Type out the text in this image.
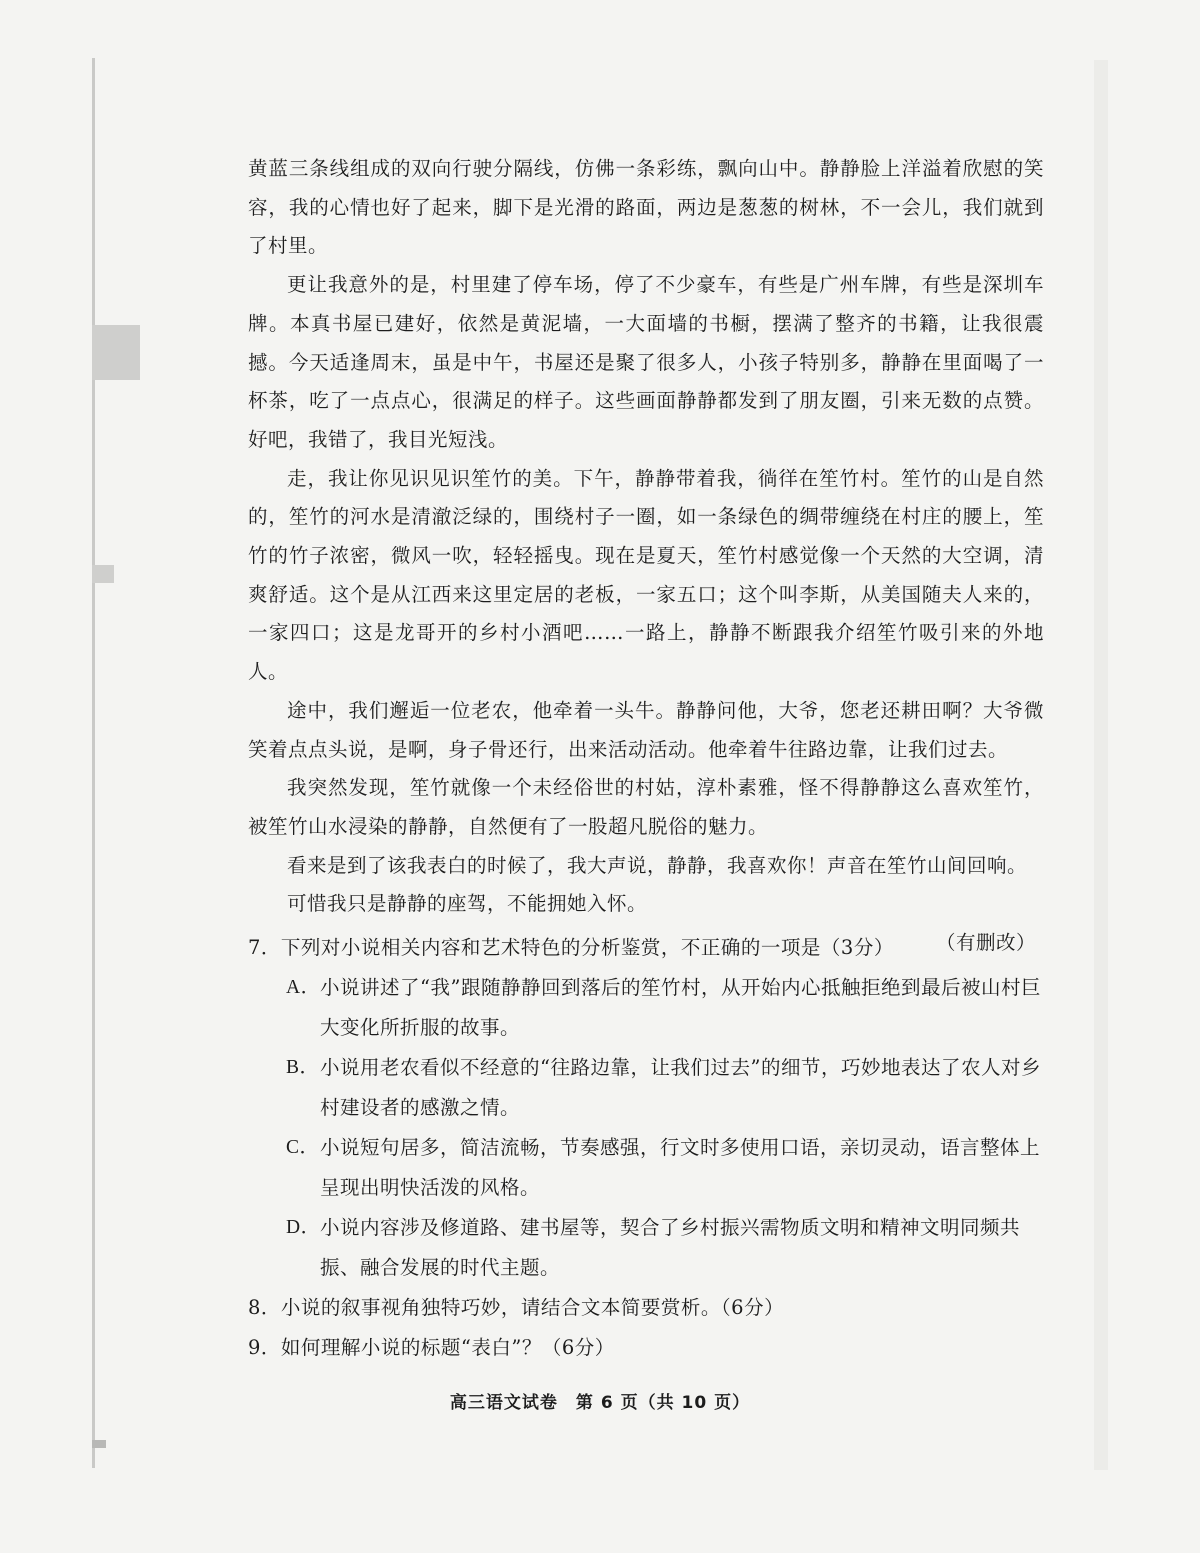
黄蓝三条线组成的双向行驶分隔线，仿佛一条彩练，飘向山中。静静脸上洋溢着欣慰的笑容，我的心情也好了起来，脚下是光滑的路面，两边是葱葱的树林，不一会儿，我们就到了村里。

更让我意外的是，村里建了停车场，停了不少豪车，有些是广州车牌，有些是深圳车牌。本真书屋已建好，依然是黄泥墙，一大面墙的书橱，摆满了整齐的书籍，让我很震撼。今天适逢周末，虽是中午，书屋还是聚了很多人，小孩子特别多，静静在里面喝了一杯茶，吃了一点点心，很满足的样子。这些画面静静都发到了朋友圈，引来无数的点赞。好吧，我错了，我目光短浅。

走，我让你见识见识笙竹的美。下午，静静带着我，徜徉在笙竹村。笙竹的山是自然的，笙竹的河水是清澈泛绿的，围绕村子一圈，如一条绿色的绸带缠绕在村庄的腰上，笙竹的竹子浓密，微风一吹，轻轻摇曳。现在是夏天，笙竹村感觉像一个天然的大空调，清爽舒适。这个是从江西来这里定居的老板，一家五口；这个叫李斯，从美国随夫人来的，一家四口；这是龙哥开的乡村小酒吧……一路上，静静不断跟我介绍笙竹吸引来的外地人。

途中，我们邂逅一位老农，他牵着一头牛。静静问他，大爷，您老还耕田啊？大爷微笑着点点头说，是啊，身子骨还行，出来活动活动。他牵着牛往路边靠，让我们过去。

我突然发现，笙竹就像一个未经俗世的村姑，淳朴素雅，怪不得静静这么喜欢笙竹，被笙竹山水浸染的静静，自然便有了一股超凡脱俗的魅力。

看来是到了该我表白的时候了，我大声说，静静，我喜欢你！声音在笙竹山间回响。

可惜我只是静静的座驾，不能拥她入怀。

（有删改）

7．下列对小说相关内容和艺术特色的分析鉴赏，不正确的一项是（3分）

A． 小说讲述了“我”跟随静静回到落后的笙竹村，从开始内心抵触拒绝到最后被山村巨大变化所折服的故事。
B． 小说用老农看似不经意的“往路边靠，让我们过去”的细节，巧妙地表达了农人对乡村建设者的感激之情。
C． 小说短句居多，简洁流畅，节奏感强，行文时多使用口语，亲切灵动，语言整体上呈现出明快活泼的风格。
D． 小说内容涉及修道路、建书屋等，契合了乡村振兴需物质文明和精神文明同频共振、融合发展的时代主题。

8．小说的叙事视角独特巧妙，请结合文本简要赏析。（6分）

9．如何理解小说的标题“表白”？（6分）

高三语文试卷　第 6 页（共 10 页）
